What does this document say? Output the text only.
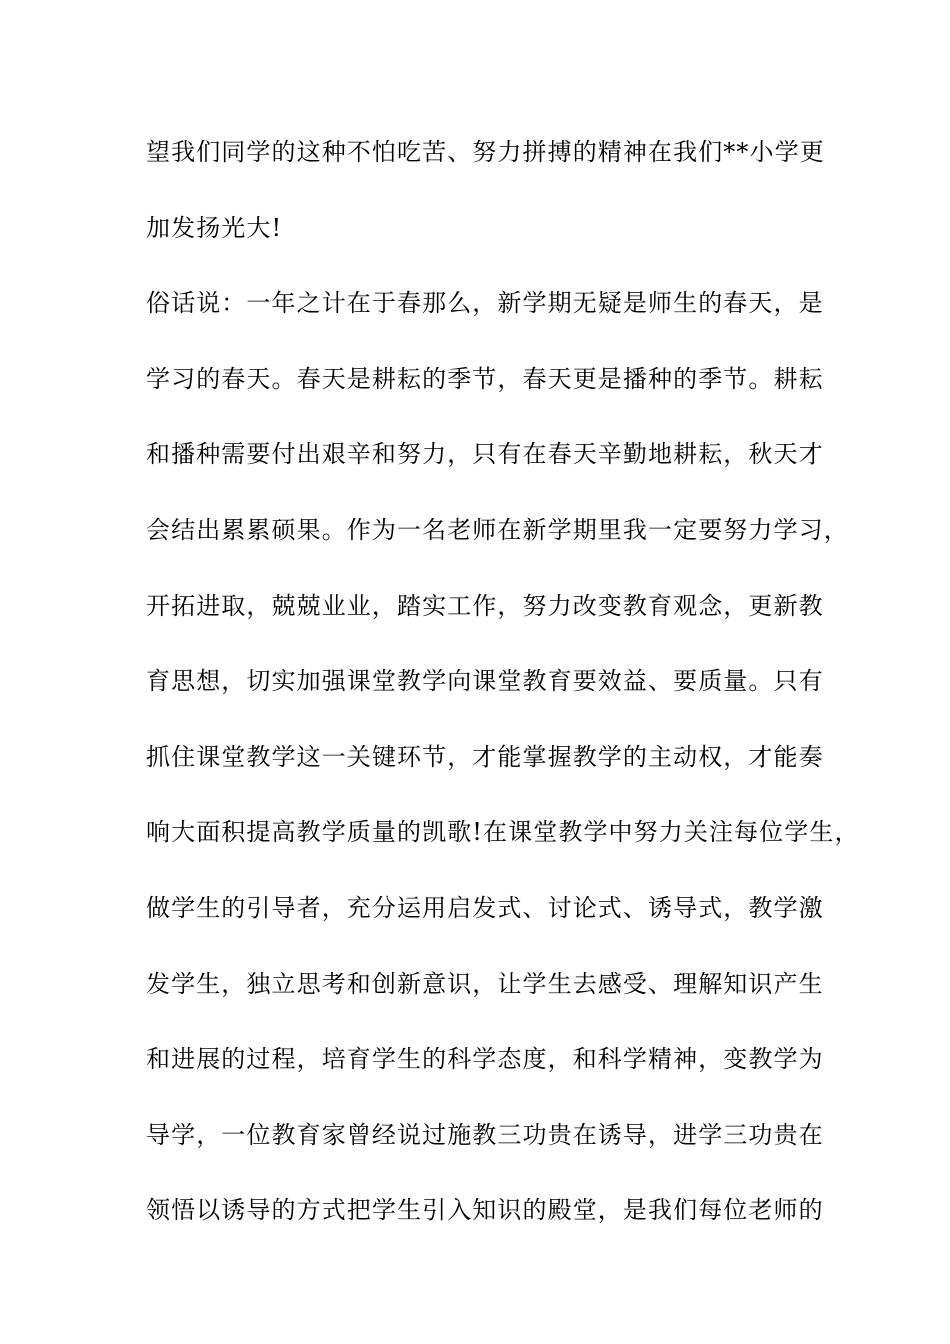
望我们同学的这种不怕吃苦、努力拼搏的精神在我们**小学更
加发扬光大!
俗话说：一年之计在于春那么，新学期无疑是师生的春天，是
学习的春天。春天是耕耘的季节，春天更是播种的季节。耕耘
和播种需要付出艰辛和努力，只有在春天辛勤地耕耘，秋天才
会结出累累硕果。作为一名老师在新学期里我一定要努力学习，
开拓进取，兢兢业业，踏实工作，努力改变教育观念，更新教
育思想，切实加强课堂教学向课堂教育要效益、要质量。只有
抓住课堂教学这一关键环节，才能掌握教学的主动权，才能奏
响大面积提高教学质量的凯歌!在课堂教学中努力关注每位学生，
做学生的引导者，充分运用启发式、讨论式、诱导式，教学激
发学生，独立思考和创新意识，让学生去感受、理解知识产生
和进展的过程，培育学生的科学态度，和科学精神，变教学为
导学，一位教育家曾经说过施教三功贵在诱导，进学三功贵在
领悟以诱导的方式把学生引入知识的殿堂，是我们每位老师的
